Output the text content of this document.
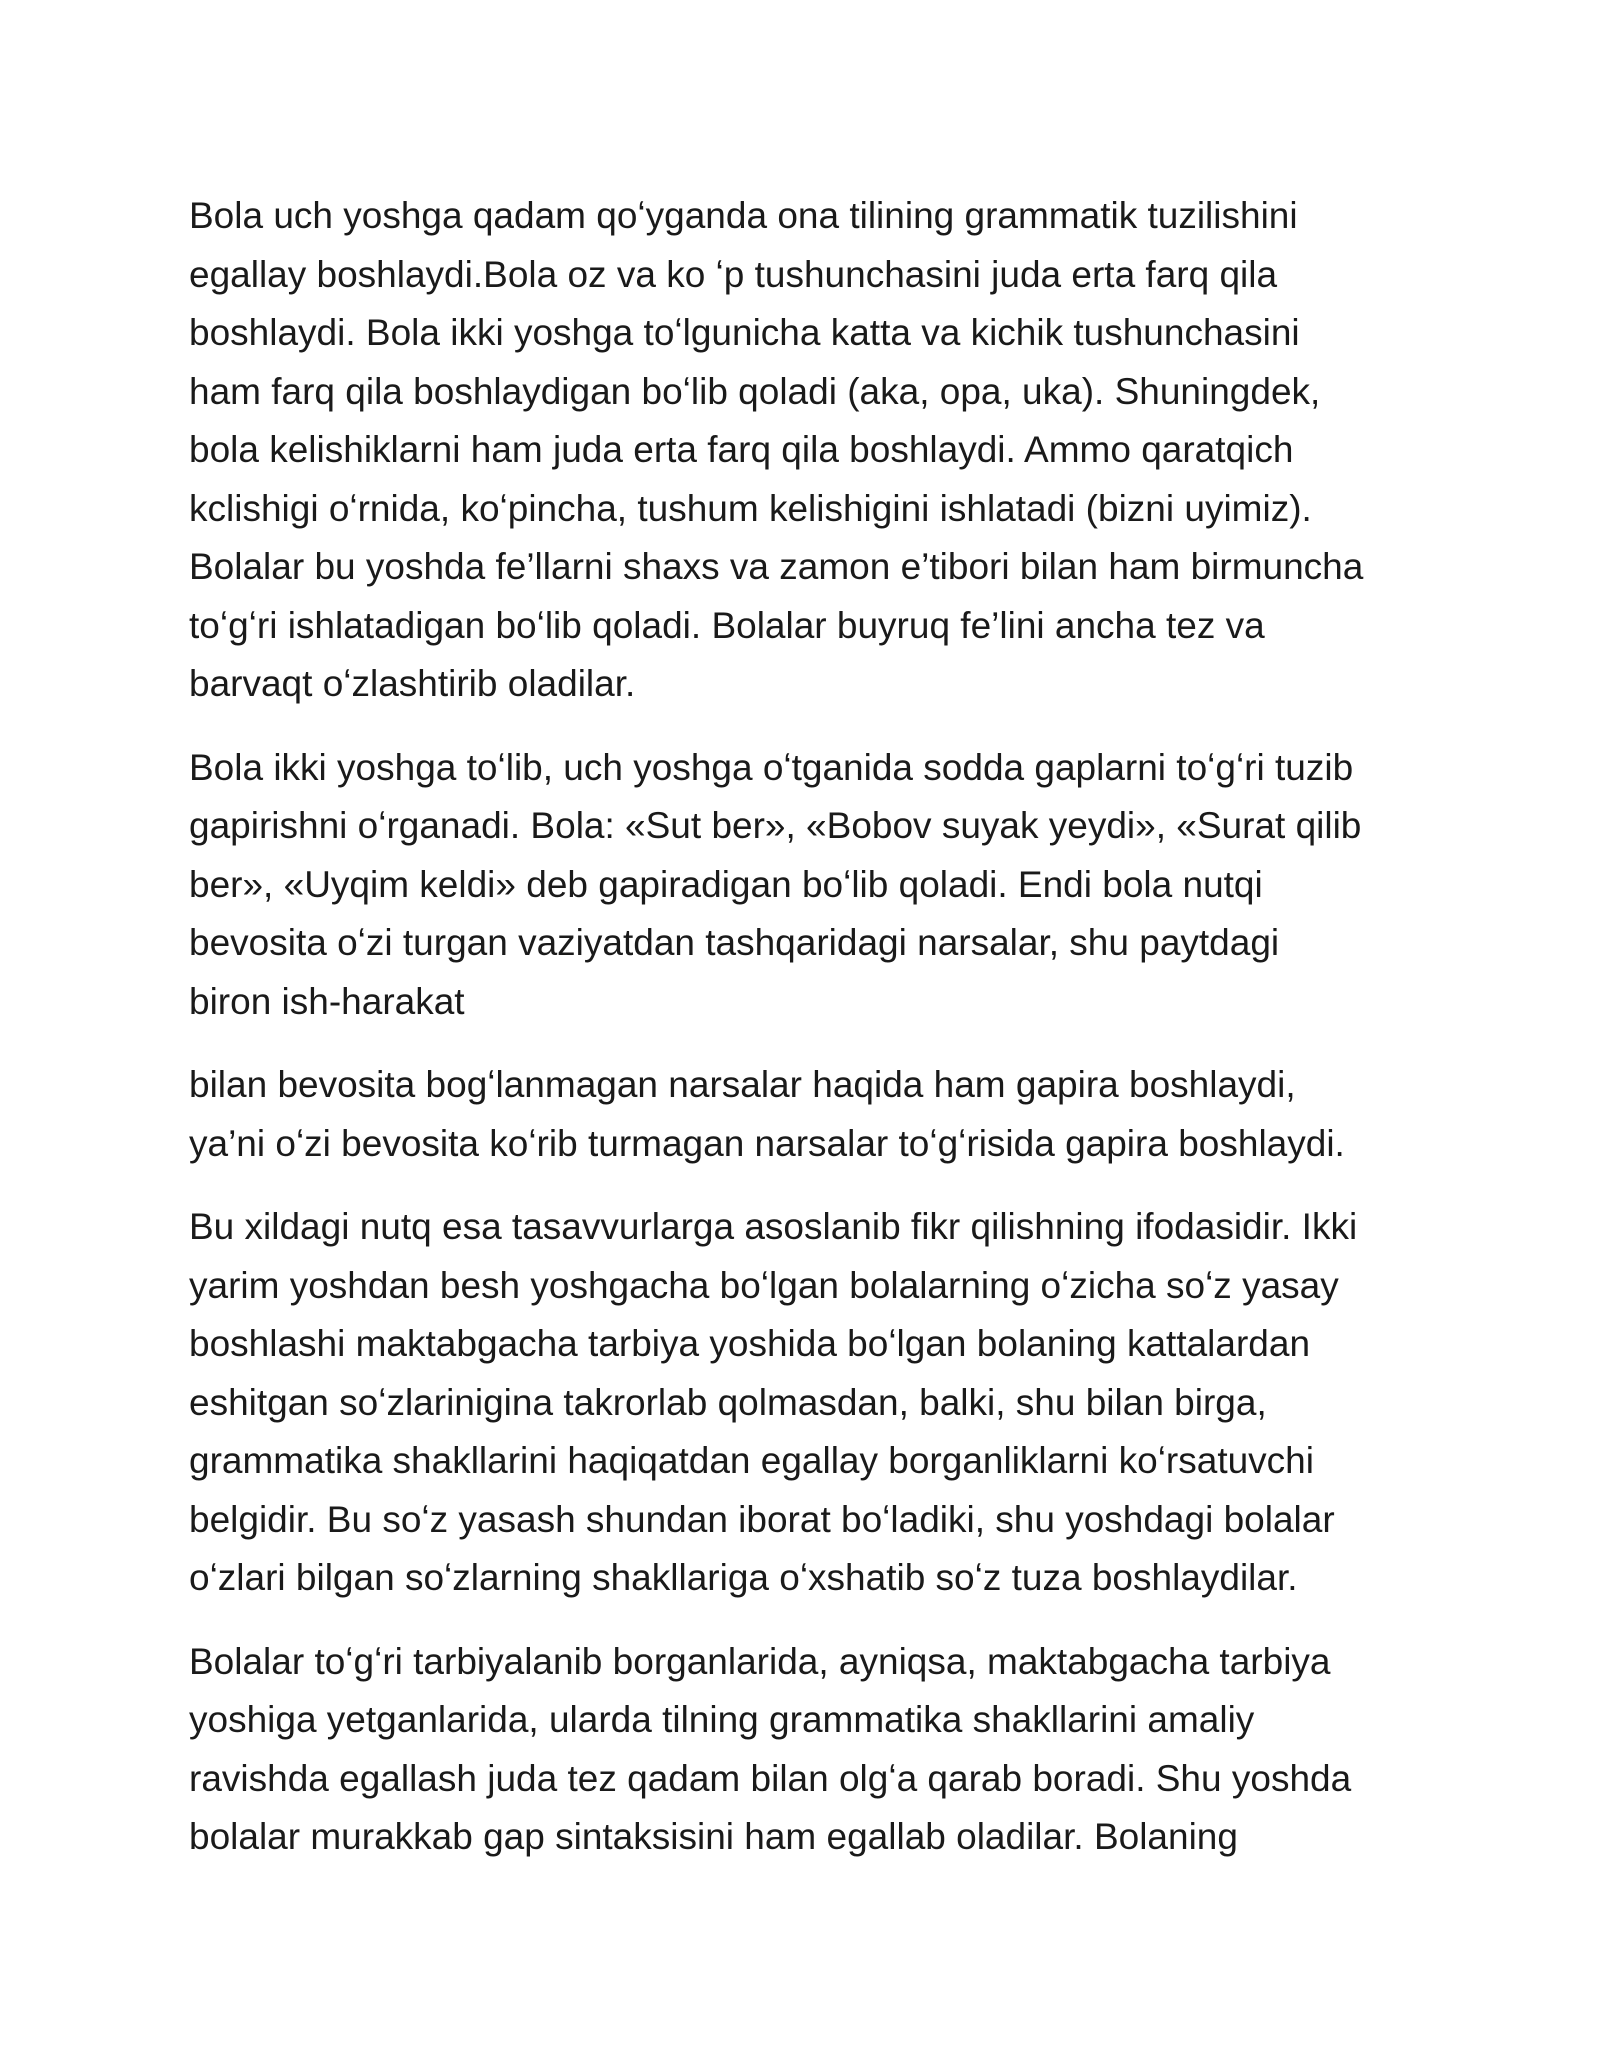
Bola uch yoshga qadam qoʻyganda ona tilining grammatik tuzilishini
egallay boshlaydi.Bola oz va ko ʻp tushunchasini juda erta farq qila
boshlaydi. Bola ikki yoshga toʻlgunicha katta va kichik tushunchasini
ham farq qila boshlaydigan boʻlib qoladi (aka, opa, uka). Shuningdek,
bola kelishiklarni ham juda erta farq qila boshlaydi. Ammo qaratqich
kclishigi oʻrnida, koʻpincha, tushum kelishigini ishlatadi (bizni uyimiz).
Bolalar bu yoshda fe’llarni shaxs va zamon e’tibori bilan ham birmuncha
toʻgʻri ishlatadigan boʻlib qoladi. Bolalar buyruq fe’lini ancha tez va
barvaqt oʻzlashtirib oladilar.

Bola ikki yoshga toʻlib, uch yoshga oʻtganida sodda gaplarni toʻgʻri tuzib
gapirishni oʻrganadi. Bola: «Sut ber», «Bobov suyak yeydi», «Surat qilib
ber», «Uyqim keldi» deb gapiradigan boʻlib qoladi. Endi bola nutqi
bevosita oʻzi turgan vaziyatdan tashqaridagi narsalar, shu paytdagi
biron ish-harakat

bilan bevosita bogʻlanmagan narsalar haqida ham gapira boshlaydi,
ya’ni oʻzi bevosita koʻrib turmagan narsalar toʻgʻrisida gapira boshlaydi.

Bu xildagi nutq esa tasavvurlarga asoslanib fikr qilishning ifodasidir. Ikki
yarim yoshdan besh yoshgacha boʻlgan bolalarning oʻzicha soʻz yasay
boshlashi maktabgacha tarbiya yoshida boʻlgan bolaning kattalardan
eshitgan soʻzlarinigina takrorlab qolmasdan, balki, shu bilan birga,
grammatika shakllarini haqiqatdan egallay borganliklarni koʻrsatuvchi
belgidir. Bu soʻz yasash shundan iborat boʻladiki, shu yoshdagi bolalar
oʻzlari bilgan soʻzlarning shakllariga oʻxshatib soʻz tuza boshlaydilar.

Bolalar toʻgʻri tarbiyalanib borganlarida, ayniqsa, maktabgacha tarbiya
yoshiga yetganlarida, ularda tilning grammatika shakllarini amaliy
ravishda egallash juda tez qadam bilan olgʻa qarab boradi. Shu yoshda
bolalar murakkab gap sintaksisini ham egallab oladilar. Bolaning
